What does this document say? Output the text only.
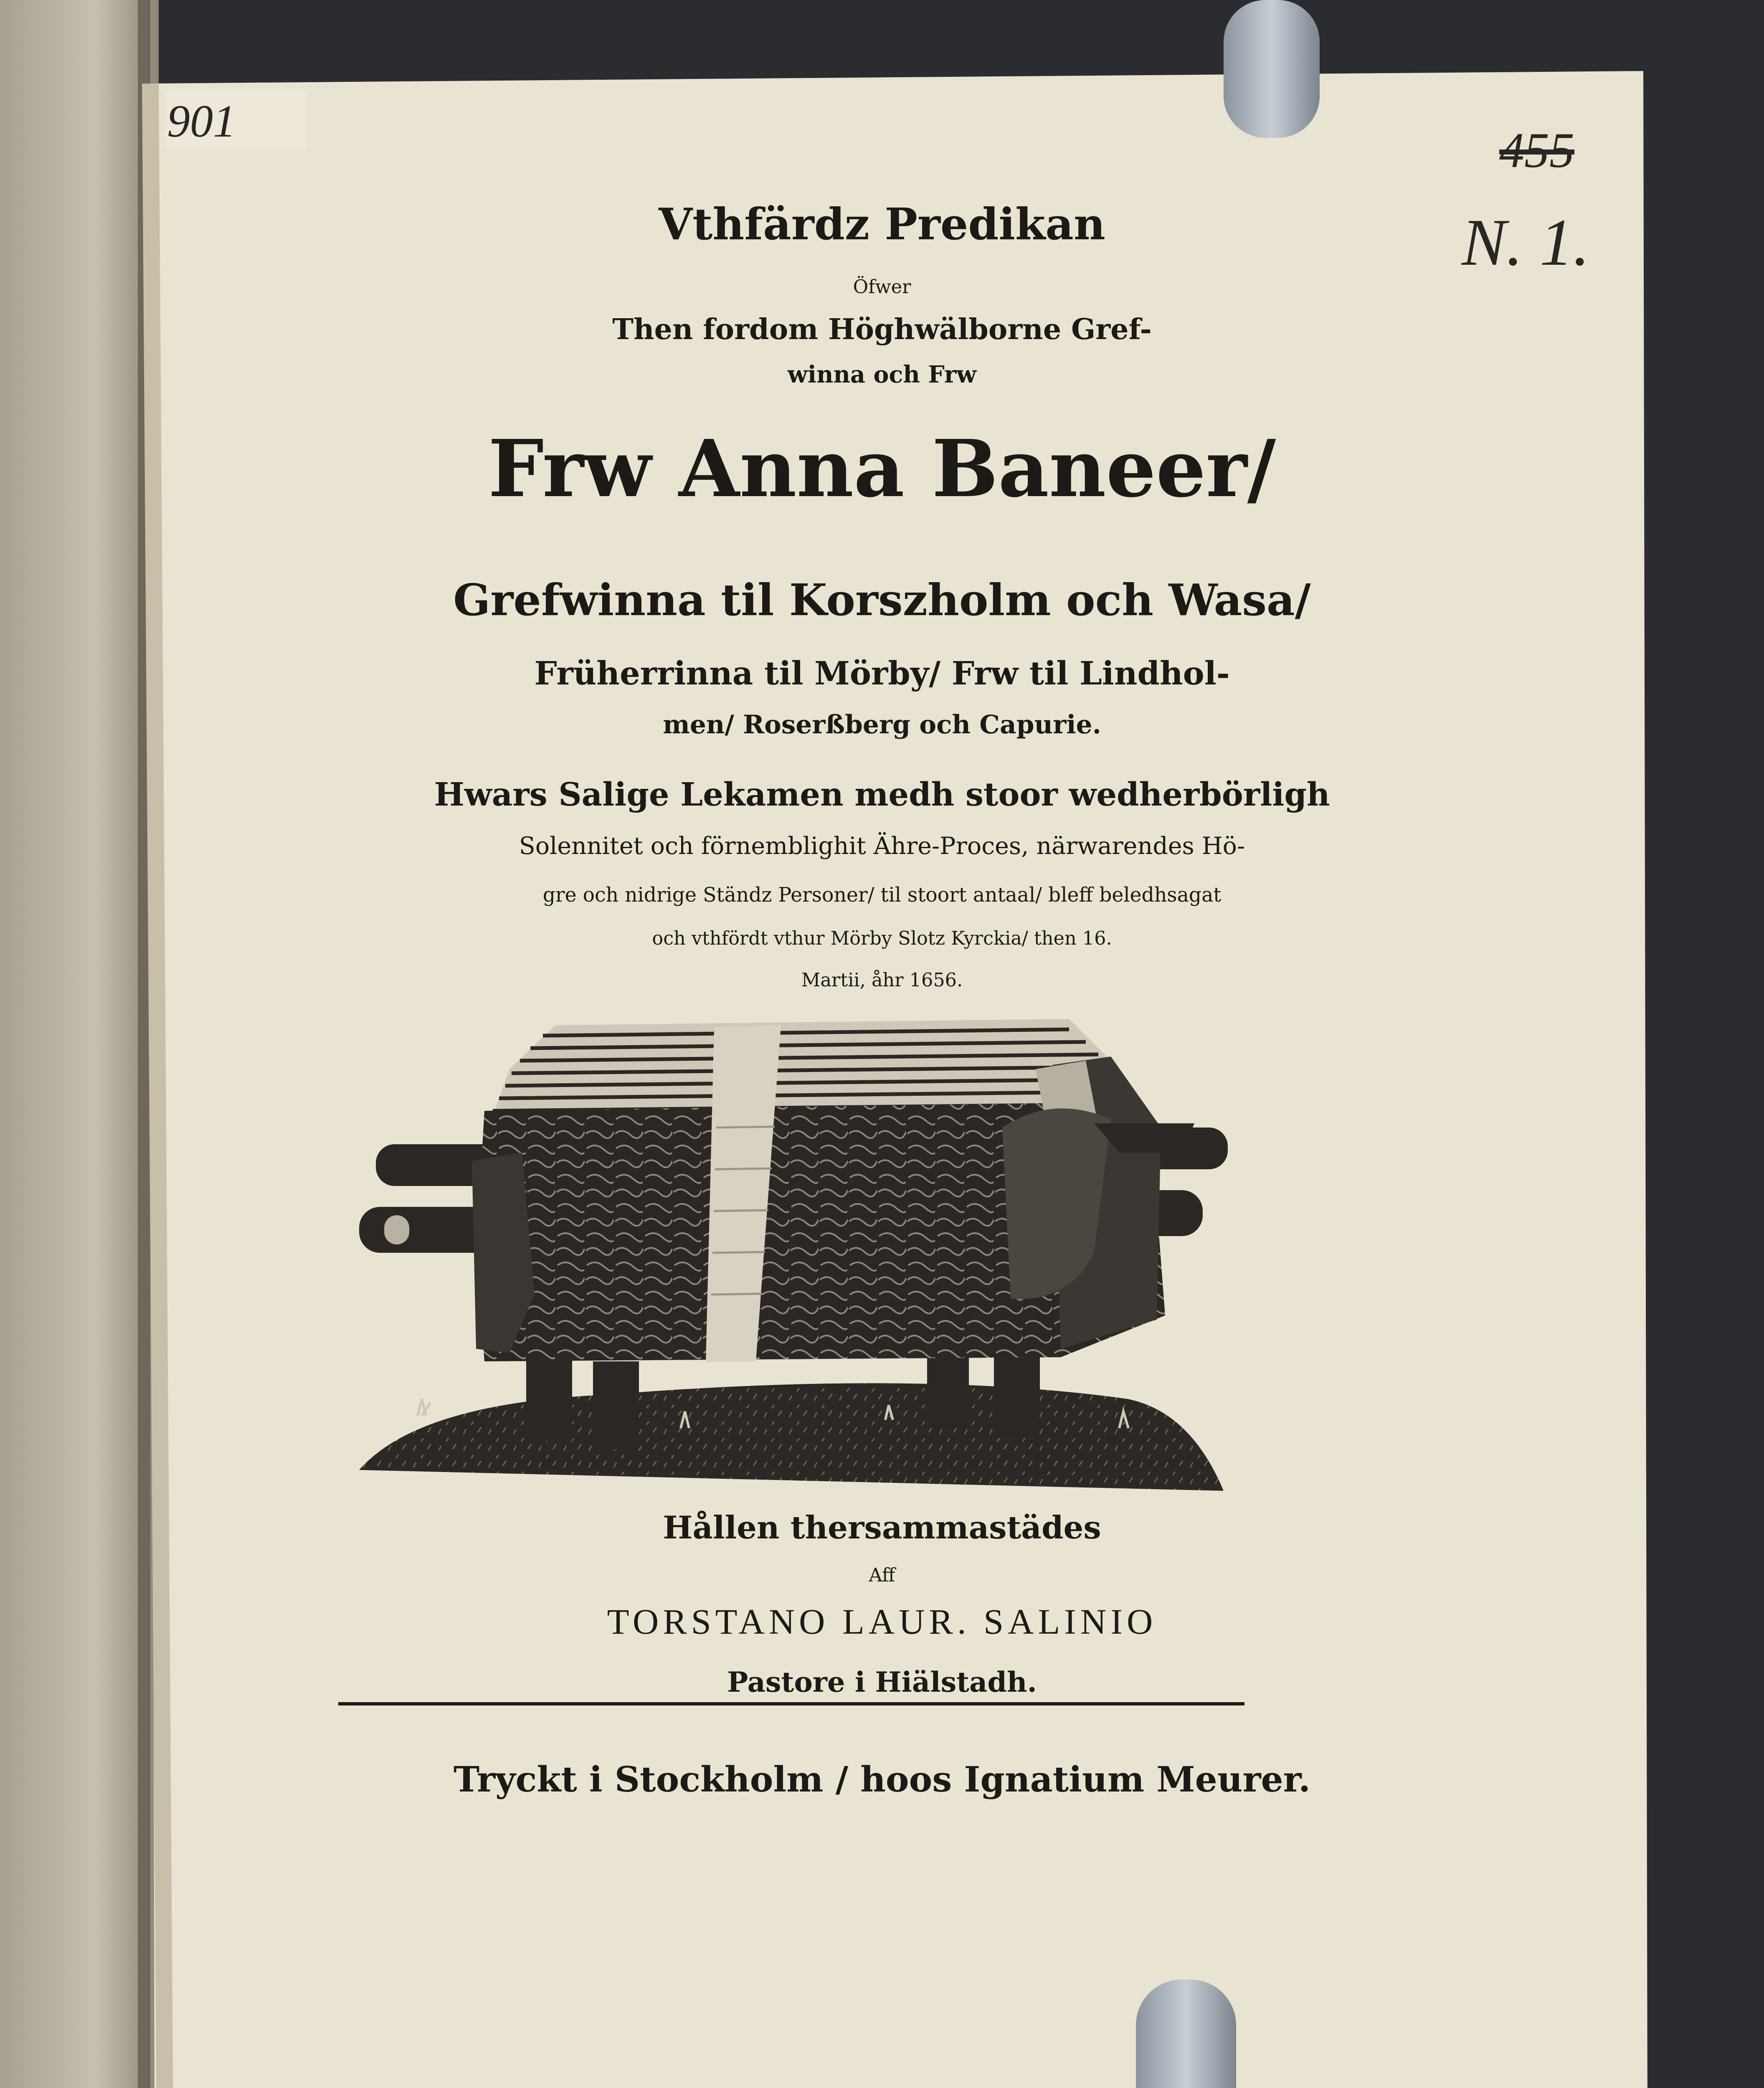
901
455
N. 1.
Vthfärdz Predikan
Öfwer
Then fordom Höghwälborne Gref-
winna och Frw
Frw Anna Baneer/
Grefwinna til Korszholm och Wasa/
Früherrinna til Mörby/ Frw til Lindhol-
men/ Roserßberg och Capurie.
Hwars Salige Lekamen medh stoor wedherbörligh
Solennitet och förnemblighit Ähre-Proces, närwarendes Hö-
gre och nidrige Ständz Personer/ til stoort antaal/ bleff beledhsagat
och vthfördt vthur Mörby Slotz Kyrckia/ then 16.
Martii, åhr 1656.
Hållen thersammastädes
Aff
TORSTANO LAUR. SALINIO
Pastore i Hiälstadh.
Tryckt i Stockholm / hoos Ignatium Meurer.
